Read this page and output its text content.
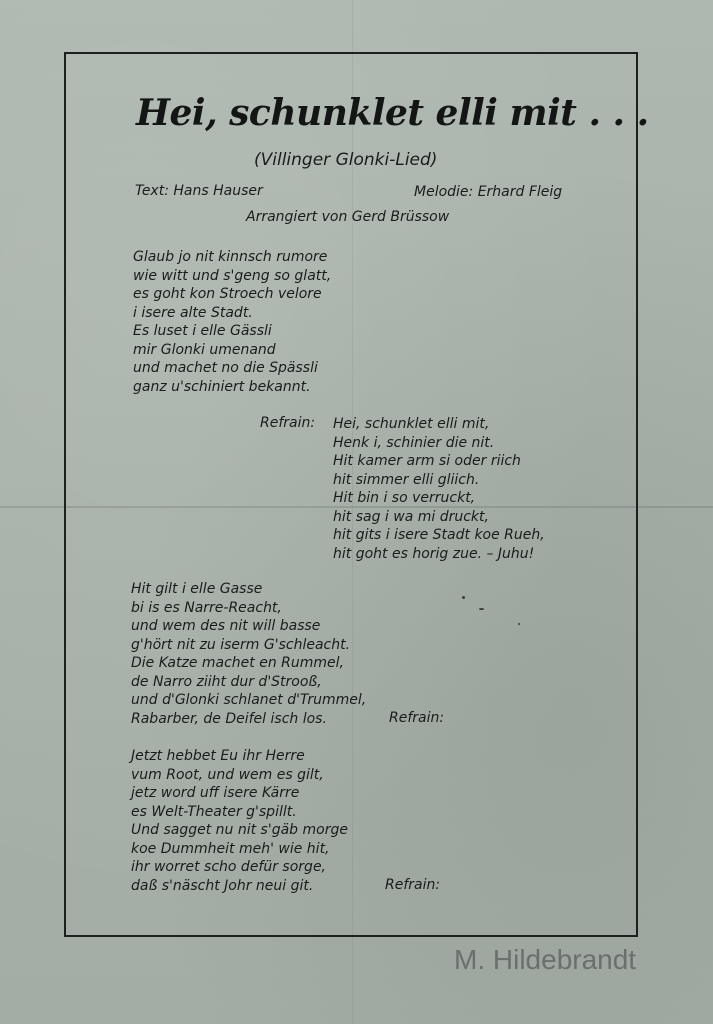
Hei, schunklet elli mit . . .
(Villinger Glonki-Lied)
Text: Hans Hauser	Melodie: Erhard Fleig
Arrangiert von Gerd Brüssow
Glaub jo nit kinnsch rumore
wie witt und s'geng so glatt,
es goht kon Stroech velore
i isere alte Stadt.
Es luset i elle Gässli
mir Glonki umenand
und machet no die Spässli
ganz u'schiniert bekannt.
Refrain: Hei, schunklet elli mit,
Henk i, schinier die nit.
Hit kamer arm si oder riich
hit simmer elli gliich.
Hit bin i so verruckt,
hit sag i wa mi druckt,
hit gits i isere Stadt koe Rueh,
hit goht es horig zue. – Juhu!
Hit gilt i elle Gasse
bi is es Narre-Reacht,
und wem des nit will basse
g'hört nit zu iserm G'schleacht.
Die Katze machet en Rummel,
de Narro ziiht dur d'Strooß,
und d'Glonki schlanet d'Trummel,
Rabarber, de Deifel isch los.	Refrain:
Jetzt hebbet Eu ihr Herre
vum Root, und wem es gilt,
jetz word uff isere Kärre
es Welt-Theater g'spillt.
Und sagget nu nit s'gäb morge
koe Dummheit meh' wie hit,
ihr worret scho defür sorge,
daß s'näscht Johr neui git.	Refrain:
M. Hildebrandt
